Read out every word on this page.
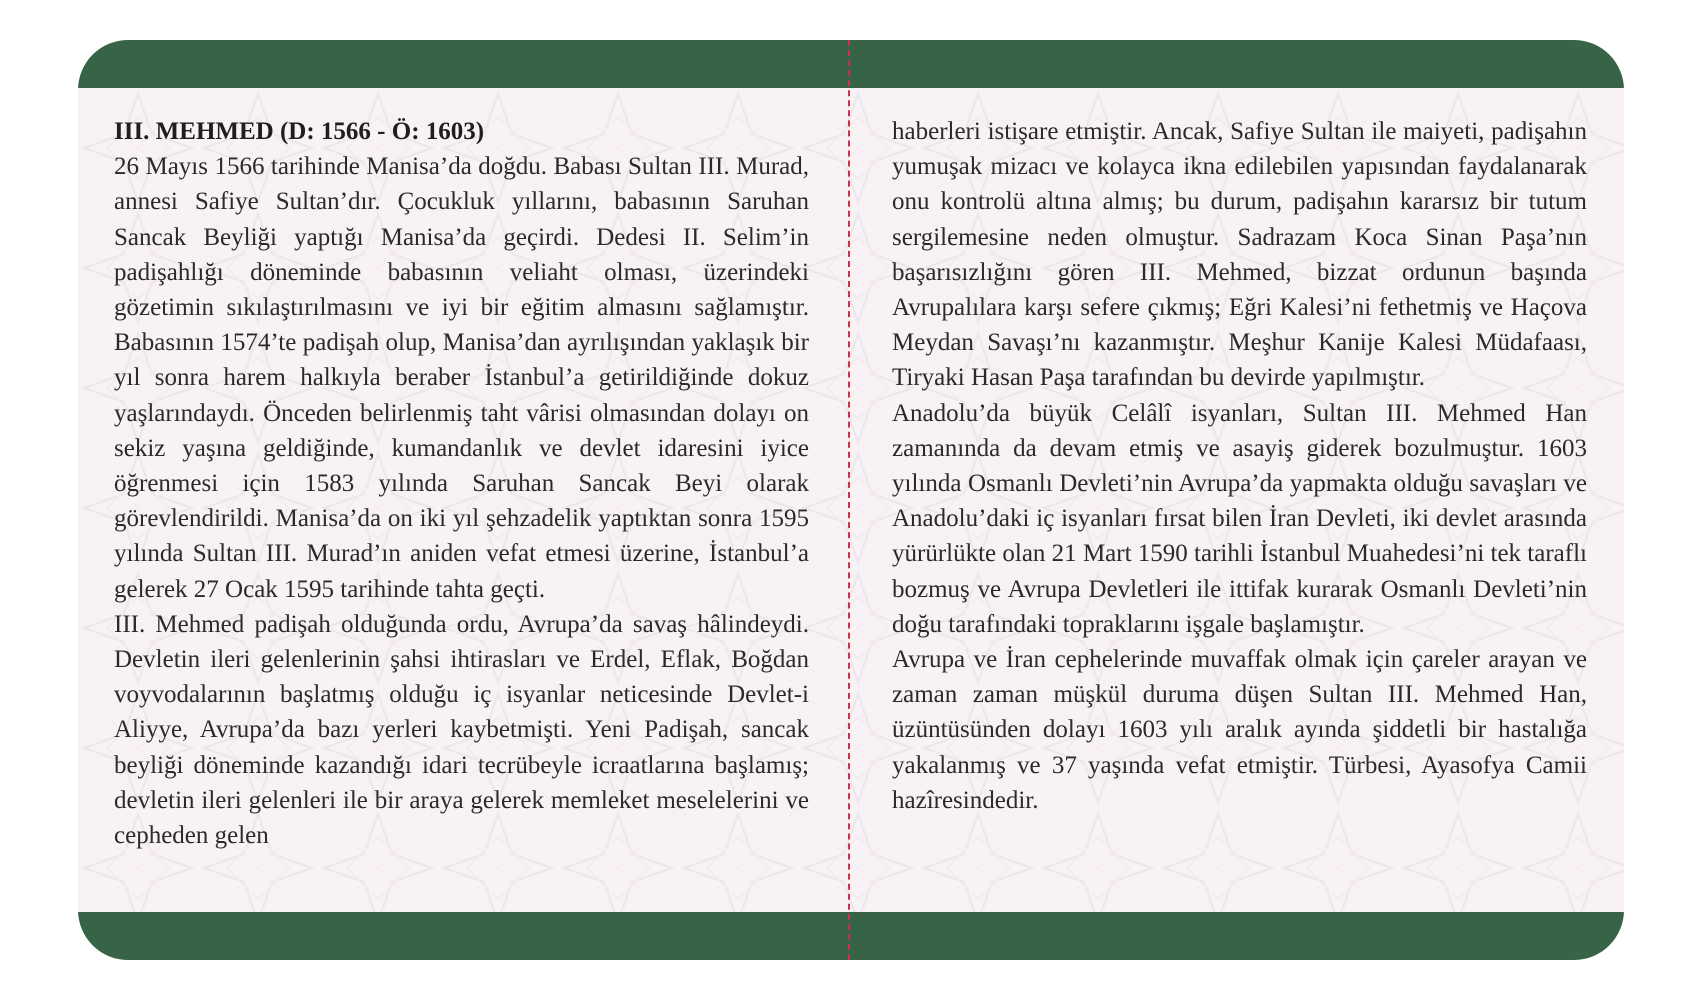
III. MEHMED (D: 1566 - Ö: 1603)

26 Mayıs 1566 tarihinde Manisa’da doğdu. Babası Sultan III. Murad, annesi Safiye Sultan’dır. Çocukluk yıllarını, babasının Saruhan Sancak Beyliği yaptığı Manisa’da geçirdi. Dedesi II. Selim’in padişahlığı döneminde babasının veliaht olması, üzerindeki gözetimin sıkılaştırılmasını ve iyi bir eğitim almasını sağlamıştır. Babasının 1574’te padişah olup, Manisa’dan ayrılışından yaklaşık bir yıl sonra harem halkıyla beraber İstanbul’a getirildiğinde dokuz yaşlarındaydı. Önceden belirlenmiş taht vârisi olmasından dolayı on sekiz yaşına geldiğinde, kumandanlık ve devlet idaresini iyice öğrenmesi için 1583 yılında Saruhan Sancak Beyi olarak görevlendirildi. Manisa’da on iki yıl şehzadelik yaptıktan sonra 1595 yılında Sultan III. Murad’ın aniden vefat etmesi üzerine, İstanbul’a gelerek 27 Ocak 1595 tarihinde tahta geçti.

III. Mehmed padişah olduğunda ordu, Avrupa’da savaş hâlindeydi. Devletin ileri gelenlerinin şahsi ihtirasları ve Erdel, Eflak, Boğdan voyvodalarının başlatmış olduğu iç isyanlar neticesinde Devlet-i Aliyye, Avrupa’da bazı yerleri kaybetmişti. Yeni Padişah, sancak beyliği döneminde kazandığı idari tecrübeyle icraatlarına başlamış; devletin ileri gelenleri ile bir araya gelerek memleket meselelerini ve cepheden gelen

haberleri istişare etmiştir. Ancak, Safiye Sultan ile maiyeti, padişahın yumuşak mizacı ve kolayca ikna edilebilen yapısından faydalanarak onu kontrolü altına almış; bu durum, padişahın kararsız bir tutum sergilemesine neden olmuştur. Sadrazam Koca Sinan Paşa’nın başarısızlığını gören III. Mehmed, bizzat ordunun başında Avrupalılara karşı sefere çıkmış; Eğri Kalesi’ni fethetmiş ve Haçova Meydan Savaşı’nı kazanmıştır. Meşhur Kanije Kalesi Müdafaası, Tiryaki Hasan Paşa tarafından bu devirde yapılmıştır.

Anadolu’da büyük Celâlî isyanları, Sultan III. Mehmed Han zamanında da devam etmiş ve asayiş giderek bozulmuştur. 1603 yılında Osmanlı Devleti’nin Avrupa’da yapmakta olduğu savaşları ve Anadolu’daki iç isyanları fırsat bilen İran Devleti, iki devlet arasında yürürlükte olan 21 Mart 1590 tarihli İstanbul Muahedesi’ni tek taraflı bozmuş ve Avrupa Devletleri ile ittifak kurarak Osmanlı Devleti’nin doğu tarafındaki topraklarını işgale başlamıştır.

Avrupa ve İran cephelerinde muvaffak olmak için çareler arayan ve zaman zaman müşkül duruma düşen Sultan III. Mehmed Han, üzüntüsünden dolayı 1603 yılı aralık ayında şiddetli bir hastalığa yakalanmış ve 37 yaşında vefat etmiştir. Türbesi, Ayasofya Camii hazîresindedir.
